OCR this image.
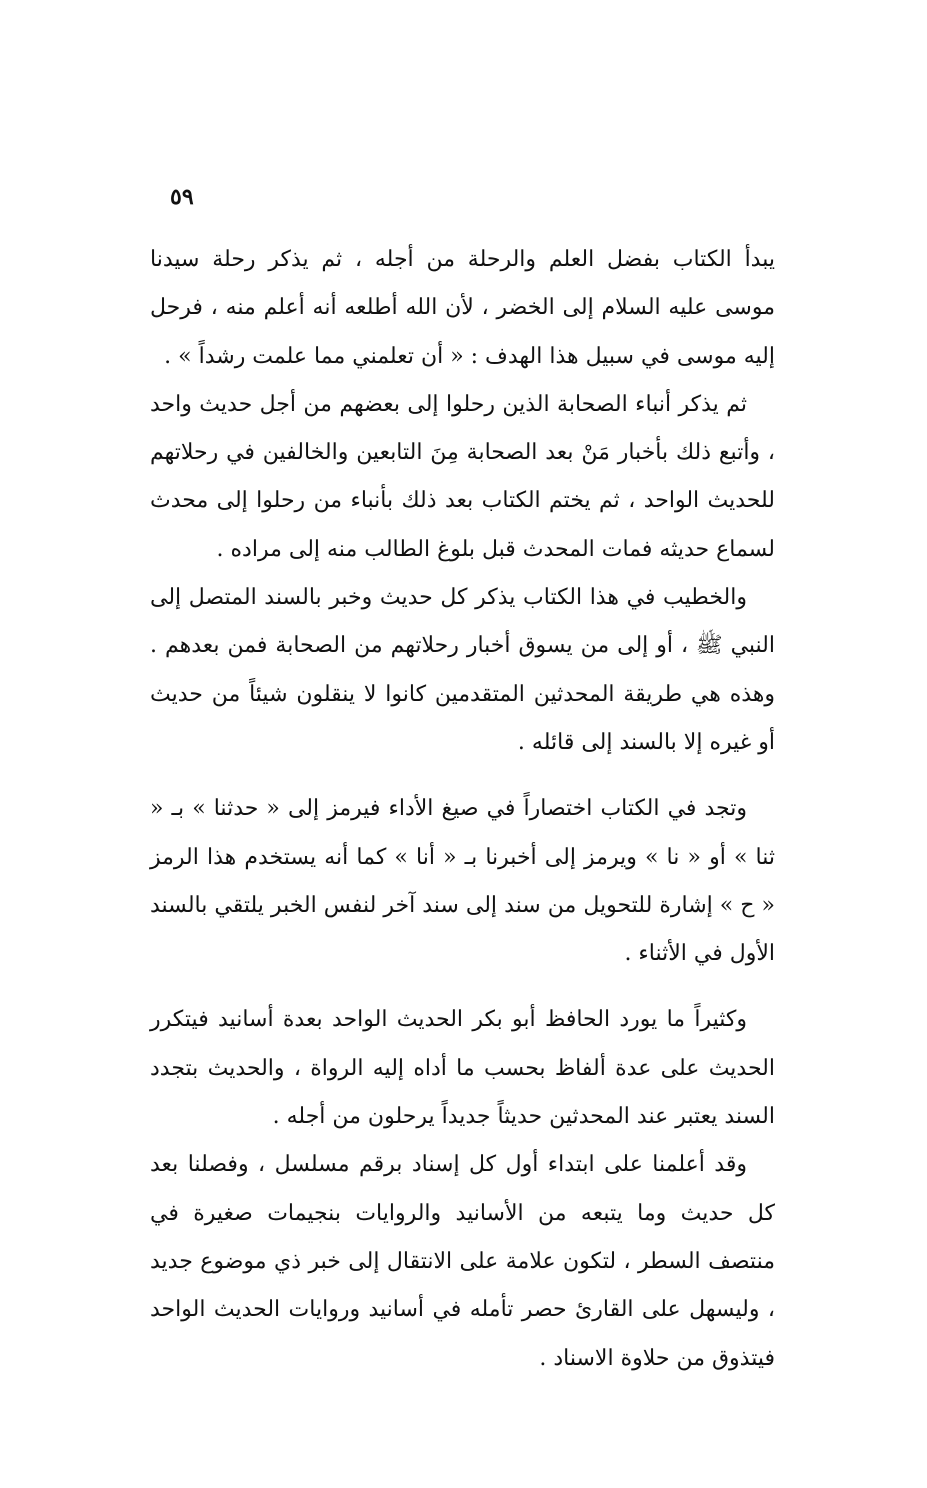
٥٩

يبدأ الكتاب بفضل العلم والرحلة من أجله ، ثم يذكر رحلة سيدنا موسى عليه السلام إلى الخضر ، لأن الله أطلعه أنه أعلم منه ، فرحل إليه موسى في سبيل هذا الهدف : « أن تعلمني مما علمت رشداً » .

ثم يذكر أنباء الصحابة الذين رحلوا إلى بعضهم من أجل حديث واحد ، وأتبع ذلك بأخبار مَنْ بعد الصحابة مِنَ التابعين والخالفين في رحلاتهم للحديث الواحد ، ثم يختم الكتاب بعد ذلك بأنباء من رحلوا إلى محدث لسماع حديثه فمات المحدث قبل بلوغ الطالب منه إلى مراده .

والخطيب في هذا الكتاب يذكر كل حديث وخبر بالسند المتصل إلى النبي ﷺ ، أو إلى من يسوق أخبار رحلاتهم من الصحابة فمن بعدهم . وهذه هي طريقة المحدثين المتقدمين كانوا لا ينقلون شيئاً من حديث أو غيره إلا بالسند إلى قائله .

وتجد في الكتاب اختصاراً في صيغ الأداء فيرمز إلى « حدثنا » بـ « ثنا » أو « نا » ويرمز إلى أخبرنا بـ « أنا » كما أنه يستخدم هذا الرمز « ح » إشارة للتحويل من سند إلى سند آخر لنفس الخبر يلتقي بالسند الأول في الأثناء .

وكثيراً ما يورد الحافظ أبو بكر الحديث الواحد بعدة أسانيد فيتكرر الحديث على عدة ألفاظ بحسب ما أداه إليه الرواة ، والحديث بتجدد السند يعتبر عند المحدثين حديثاً جديداً يرحلون من أجله .

وقد أعلمنا على ابتداء أول كل إسناد برقم مسلسل ، وفصلنا بعد كل حديث وما يتبعه من الأسانيد والروايات بنجيمات صغيرة في منتصف السطر ، لتكون علامة على الانتقال إلى خبر ذي موضوع جديد ، وليسهل على القارئ حصر تأمله في أسانيد وروايات الحديث الواحد فيتذوق من حلاوة الاسناد .
